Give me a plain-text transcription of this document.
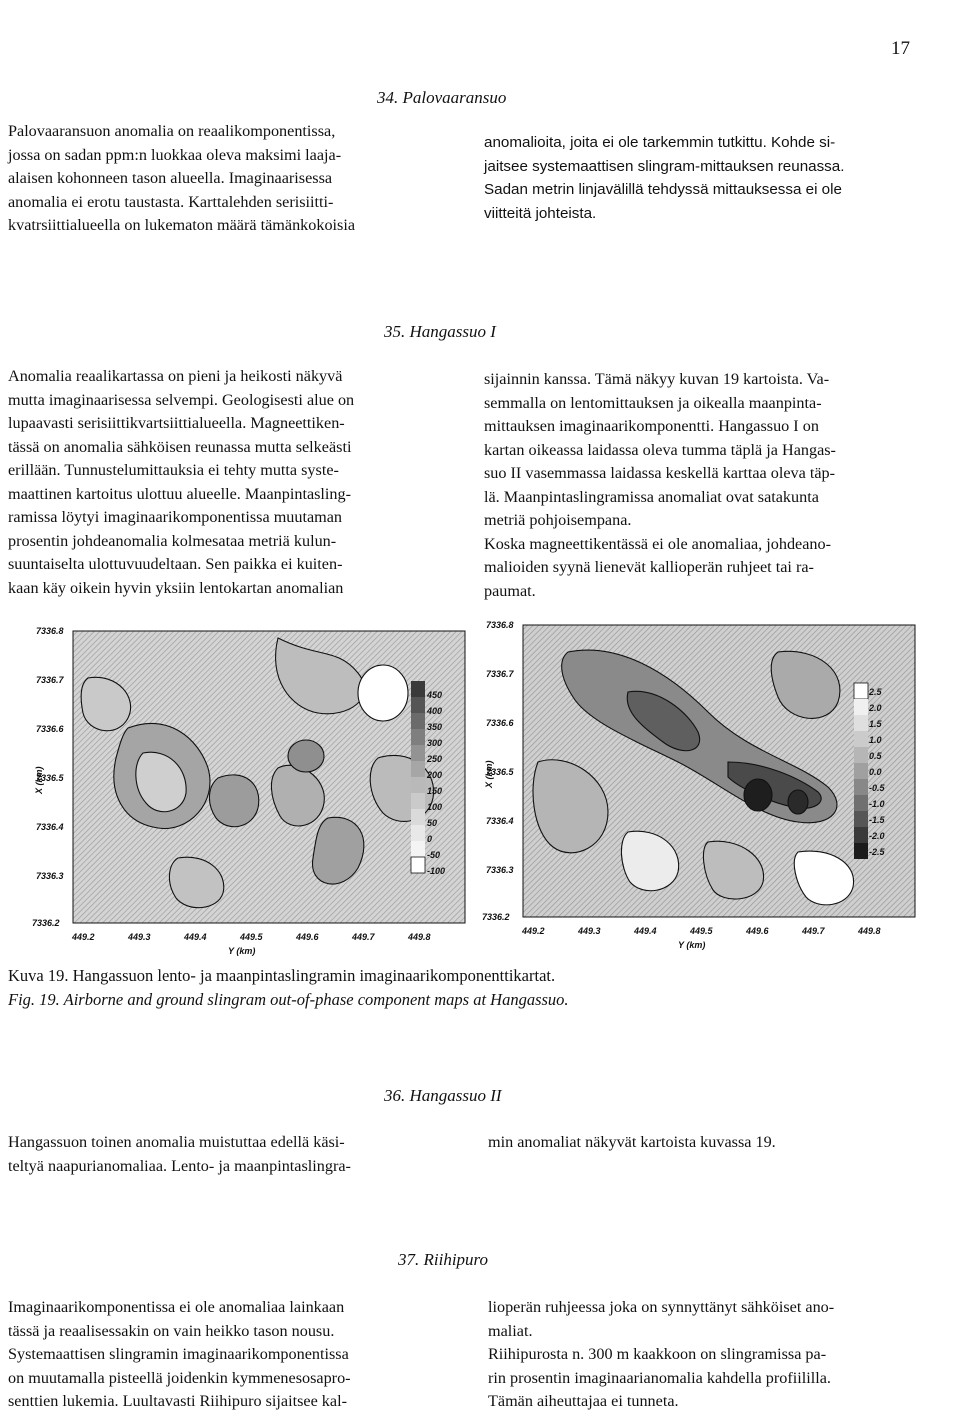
17
34. Palovaaransuo
Palovaaransuon anomalia on reaalikomponentissa,
jossa on sadan ppm:n luokkaa oleva maksimi laaja-
alaisen kohonneen tason alueella. Imaginaarisessa
anomalia ei erotu taustasta. Karttalehden serisiitti-
kvatrsiittialueella on lukematon määrä tämänkokoisia
anomalioita, joita ei ole tarkemmin tutkittu. Kohde si-
jaitsee systemaattisen slingram-mittauksen reunassa.
Sadan metrin linjavälillä tehdyssä mittauksessa ei ole
viitteitä johteista.
35. Hangassuo I
Anomalia reaalikartassa on pieni ja heikosti näkyvä
mutta imaginaarisessa selvempi. Geologisesti alue on
lupaavasti serisiittikvartsiittialueella. Magneettiken-
tässä on anomalia sähköisen reunassa mutta selkeästi
erillään. Tunnustelumittauksia ei tehty mutta syste-
maattinen kartoitus ulottuu alueelle. Maanpintasling-
ramissa löytyi imaginaarikomponentissa muutaman
prosentin johdeanomalia kolmesataa metriä kulun-
suuntaiselta ulottuvuudeltaan. Sen paikka ei kuiten-
kaan käy oikein hyvin yksiin lentokartan anomalian
sijainnin kanssa. Tämä näkyy kuvan 19 kartoista. Va-
semmalla on lentomittauksen ja oikealla maanpinta-
mittauksen imaginaarikomponentti. Hangassuo I on
kartan oikeassa laidassa oleva tumma täplä ja Hangas-
suo II vasemmassa laidassa keskellä karttaa oleva täp-
lä. Maanpintaslingramissa anomaliat ovat satakunta
metriä pohjoisempana.
Koska magneettikentässä ei ole anomaliaa, johdeano-
malioiden syynä lienevät kallioperän ruhjeet tai ra-
paumat.
7336.8
7336.7
7336.6
7336.5
7336.4
7336.3
7336.2
449.2	449.3	449.4	449.5	449.6	449.7	449.8
Y (km)
X (km)
450
400
350
300
250
200
150
100
50
0
-50
-100
7336.8
7336.7
7336.6
7336.5
7336.4
7336.3
7336.2
449.2	449.3	449.4	449.5	449.6	449.7	449.8
Y (km)
X (km)
2.5
2.0
1.5
1.0
0.5
0.0
-0.5
-1.0
-1.5
-2.0
-2.5
Kuva 19. Hangassuon lento- ja maanpintaslingramin imaginaarikomponenttikartat.
Fig. 19. Airborne and ground slingram out-of-phase component maps at Hangassuo.
36. Hangassuo II
Hangassuon toinen anomalia muistuttaa edellä käsi-
teltyä naapurianomaliaa. Lento- ja maanpintaslingra-
min anomaliat näkyvät kartoista kuvassa 19.
37. Riihipuro
Imaginaarikomponentissa ei ole anomaliaa lainkaan
tässä ja reaalisessakin on vain heikko tason nousu.
Systemaattisen slingramin imaginaarikomponentissa
on muutamalla pisteellä joidenkin kymmenesosapro-
senttien lukemia. Luultavasti Riihipuro sijaitsee kal-
lioperän ruhjeessa joka on synnyttänyt sähköiset ano-
maliat.
Riihipurosta n. 300 m kaakkoon on slingramissa pa-
rin prosentin imaginaarianomalia kahdella profiililla.
Tämän aiheuttajaa ei tunneta.
